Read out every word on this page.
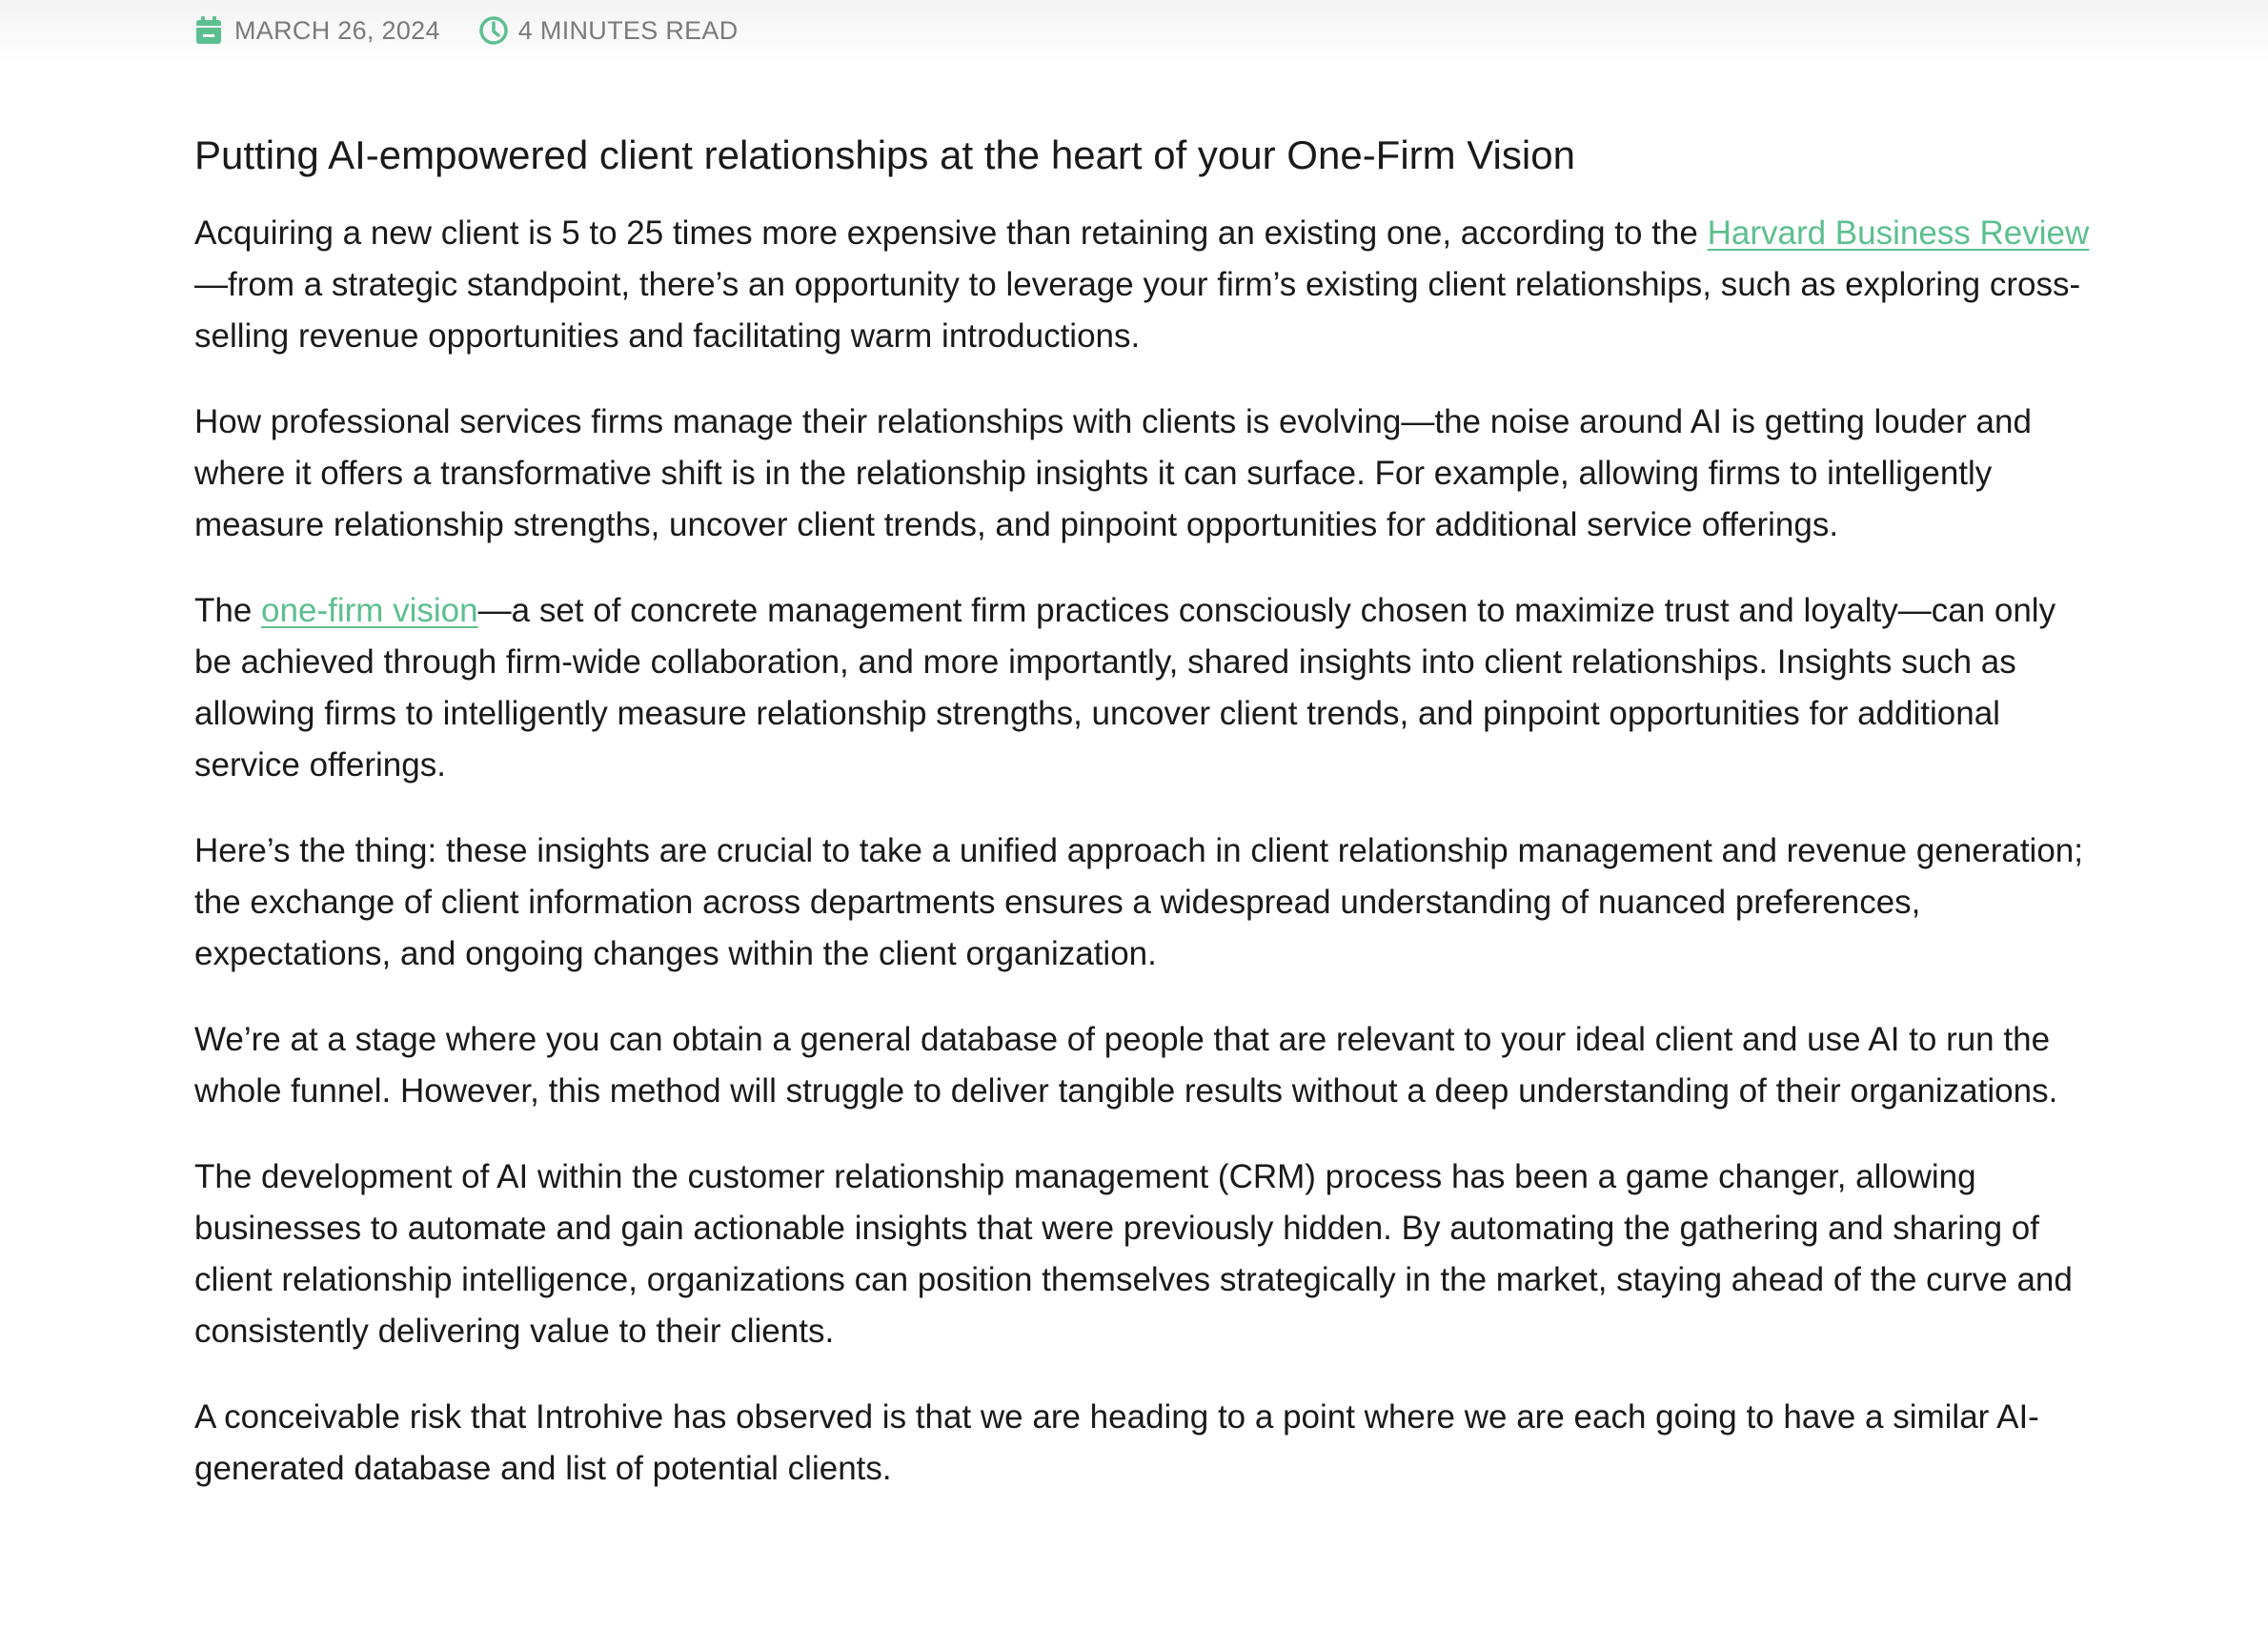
MARCH 26, 2024	4 MINUTES READ
Putting AI-empowered client relationships at the heart of your One-Firm Vision

Acquiring a new client is 5 to 25 times more expensive than retaining an existing one, according to the Harvard Business Review—from a strategic standpoint, there’s an opportunity to leverage your firm’s existing client relationships, such as exploring cross-selling revenue opportunities and facilitating warm introductions.

How professional services firms manage their relationships with clients is evolving—the noise around AI is getting louder and where it offers a transformative shift is in the relationship insights it can surface. For example, allowing firms to intelligently measure relationship strengths, uncover client trends, and pinpoint opportunities for additional service offerings.

The one-firm vision—a set of concrete management firm practices consciously chosen to maximize trust and loyalty—can only be achieved through firm-wide collaboration, and more importantly, shared insights into client relationships. Insights such as allowing firms to intelligently measure relationship strengths, uncover client trends, and pinpoint opportunities for additional service offerings.

Here’s the thing: these insights are crucial to take a unified approach in client relationship management and revenue generation; the exchange of client information across departments ensures a widespread understanding of nuanced preferences, expectations, and ongoing changes within the client organization.

We’re at a stage where you can obtain a general database of people that are relevant to your ideal client and use AI to run the whole funnel. However, this method will struggle to deliver tangible results without a deep understanding of their organizations.

The development of AI within the customer relationship management (CRM) process has been a game changer, allowing businesses to automate and gain actionable insights that were previously hidden. By automating the gathering and sharing of client relationship intelligence, organizations can position themselves strategically in the market, staying ahead of the curve and consistently delivering value to their clients.

A conceivable risk that Introhive has observed is that we are heading to a point where we are each going to have a similar AI-generated database and list of potential clients.
